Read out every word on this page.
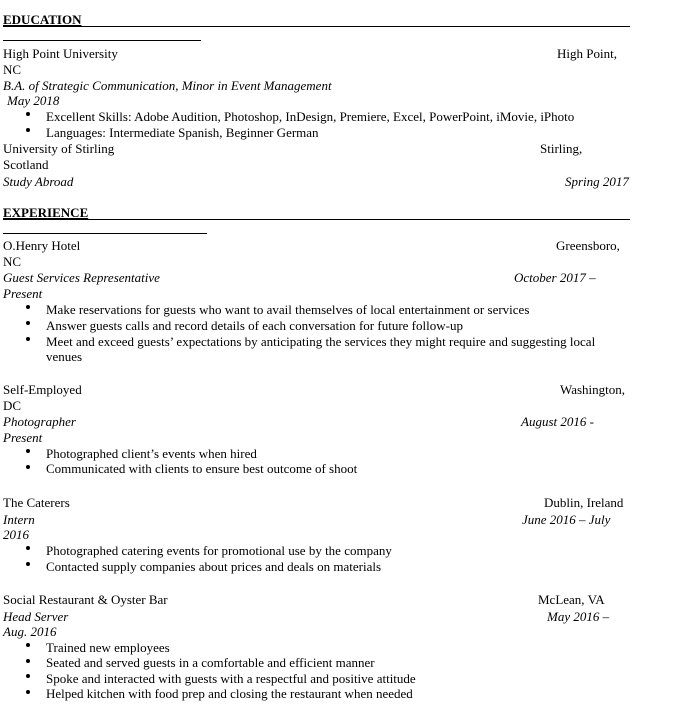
EDUCATION
High Point University	High Point,
NC
B.A. of Strategic Communication, Minor in Event Management
May 2018
Excellent Skills: Adobe Audition, Photoshop, InDesign, Premiere, Excel, PowerPoint, iMovie, iPhoto
Languages: Intermediate Spanish, Beginner German
University of Stirling	Stirling,
Scotland
Study Abroad	Spring 2017
EXPERIENCE
O.Henry Hotel	Greensboro,
NC
Guest Services Representative	October 2017 –
Present
Make reservations for guests who want to avail themselves of local entertainment or services
Answer guests calls and record details of each conversation for future follow-up
Meet and exceed guests’ expectations by anticipating the services they might require and suggesting local
venues
Self-Employed	Washington,
DC
Photographer	August 2016 -
Present
Photographed client’s events when hired
Communicated with clients to ensure best outcome of shoot
The Caterers	Dublin, Ireland
Intern	June 2016 – July
2016
Photographed catering events for promotional use by the company
Contacted supply companies about prices and deals on materials
Social Restaurant & Oyster Bar	McLean, VA
Head Server	May 2016 –
Aug. 2016
Trained new employees
Seated and served guests in a comfortable and efficient manner
Spoke and interacted with guests with a respectful and positive attitude
Helped kitchen with food prep and closing the restaurant when needed
